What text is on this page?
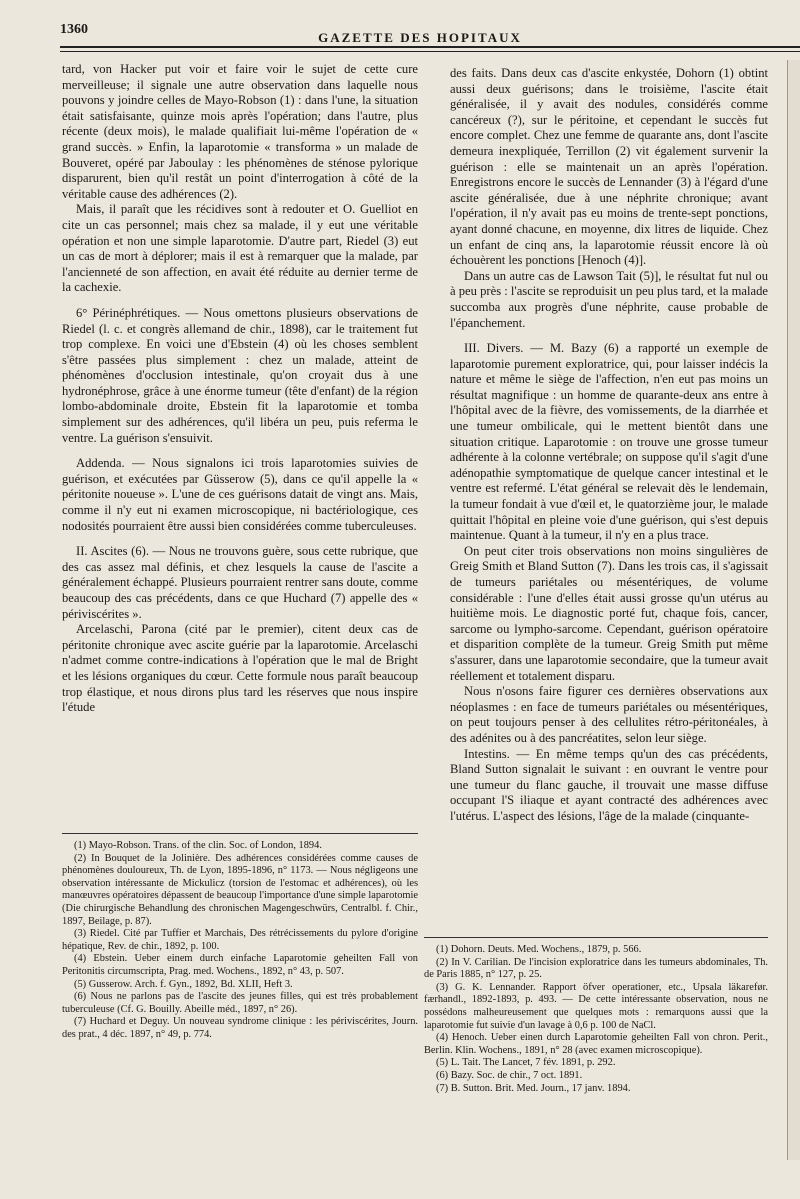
1360
GAZETTE DES HOPITAUX

tard, von Hacker put voir et faire voir le sujet de cette cure merveilleuse; il signale une autre observation dans laquelle nous pouvons y joindre celles de Mayo-Robson (1) : dans l'une, la situation était satisfaisante, quinze mois après l'opération; dans l'autre, plus récente (deux mois), le malade qualifiait lui-même l'opération de « grand succès. » Enfin, la laparotomie « transforma » un malade de Bouveret, opéré par Jaboulay : les phénomènes de sténose pylorique disparurent, bien qu'il restât un point d'interrogation à côté de la véritable cause des adhérences (2).

Mais, il paraît que les récidives sont à redouter et O. Guelliot en cite un cas personnel; mais chez sa malade, il y eut une véritable opération et non une simple laparotomie. D'autre part, Riedel (3) eut un cas de mort à déplorer; mais il est à remarquer que la malade, par l'ancienneté de son affection, en avait été réduite au dernier terme de la cachexie.

6° Périnéphrétiques. — Nous omettons plusieurs observations de Riedel (l. c. et congrès allemand de chir., 1898), car le traitement fut trop complexe. En voici une d'Ebstein (4) où les choses semblent s'être passées plus simplement : chez un malade, atteint de phénomènes d'occlusion intestinale, qu'on croyait dus à une hydronéphrose, grâce à une énorme tumeur (tête d'enfant) de la région lombo-abdominale droite, Ebstein fit la laparotomie et tomba simplement sur des adhérences, qu'il libéra un peu, puis referma le ventre. La guérison s'ensuivit.

Addenda. — Nous signalons ici trois laparotomies suivies de guérison, et exécutées par Güsserow (5), dans ce qu'il appelle la « péritonite noueuse ». L'une de ces guérisons datait de vingt ans. Mais, comme il n'y eut ni examen microscopique, ni bactériologique, ces nodosités pourraient être aussi bien considérées comme tuberculeuses.

II. Ascites (6). — Nous ne trouvons guère, sous cette rubrique, que des cas assez mal définis, et chez lesquels la cause de l'ascite a généralement échappé. Plusieurs pourraient rentrer sans doute, comme beaucoup des cas précédents, dans ce que Huchard (7) appelle des « périviscérites ».

Arcelaschi, Parona (cité par le premier), citent deux cas de péritonite chronique avec ascite guérie par la laparotomie. Arcelaschi n'admet comme contre-indications à l'opération que le mal de Bright et les lésions organiques du cœur. Cette formule nous paraît beaucoup trop élastique, et nous dirons plus tard les réserves que nous inspire l'étude

(1) Mayo-Robson. Trans. of the clin. Soc. of London, 1894.

(2) In Bouquet de la Jolinière. Des adhérences considérées comme causes de phénomènes douloureux, Th. de Lyon, 1895-1896, n° 1173. — Nous négligeons une observation intéressante de Mickulicz (torsion de l'estomac et adhérences), où les manœuvres opératoires dépassent de beaucoup l'importance d'une simple laparotomie (Die chirurgische Behandlung des chronischen Magengeschwürs, Centralbl. f. Chir., 1897, Beilage, p. 87).

(3) Riedel. Cité par Tuffier et Marchais, Des rétrécissements du pylore d'origine hépatique, Rev. de chir., 1892, p. 100.

(4) Ebstein. Ueber einem durch einfache Laparotomie geheilten Fall von Peritonitis circumscripta, Prag. med. Wochens., 1892, n° 43, p. 507.

(5) Gusserow. Arch. f. Gyn., 1892, Bd. XLII, Heft 3.

(6) Nous ne parlons pas de l'ascite des jeunes filles, qui est très probablement tuberculeuse (Cf. G. Bouilly. Abeille méd., 1897, n° 26).

(7) Huchard et Deguy. Un nouveau syndrome clinique : les périviscérites, Journ. des prat., 4 déc. 1897, n° 49, p. 774.

des faits. Dans deux cas d'ascite enkystée, Dohorn (1) obtint aussi deux guérisons; dans le troisième, l'ascite était généralisée, il y avait des nodules, considérés comme cancéreux (?), sur le péritoine, et cependant le succès fut encore complet. Chez une femme de quarante ans, dont l'ascite demeura inexpliquée, Terrillon (2) vit également survenir la guérison : elle se maintenait un an après l'opération. Enregistrons encore le succès de Lennander (3) à l'égard d'une ascite généralisée, due à une néphrite chronique; avant l'opération, il n'y avait pas eu moins de trente-sept ponctions, ayant donné chacune, en moyenne, dix litres de liquide. Chez un enfant de cinq ans, la laparotomie réussit encore là où échouèrent les ponctions [Henoch (4)].

Dans un autre cas de Lawson Tait (5)], le résultat fut nul ou à peu près : l'ascite se reproduisit un peu plus tard, et la malade succomba aux progrès d'une néphrite, cause probable de l'épanchement.

III. Divers. — M. Bazy (6) a rapporté un exemple de laparotomie purement exploratrice, qui, pour laisser indécis la nature et même le siège de l'affection, n'en eut pas moins un résultat magnifique : un homme de quarante-deux ans entre à l'hôpital avec de la fièvre, des vomissements, de la diarrhée et une tumeur ombilicale, qui le mettent bientôt dans une situation critique. Laparotomie : on trouve une grosse tumeur adhérente à la colonne vertébrale; on suppose qu'il s'agit d'une adénopathie symptomatique de quelque cancer intestinal et le ventre est refermé. L'état général se relevait dès le lendemain, la tumeur fondait à vue d'œil et, le quatorzième jour, le malade quittait l'hôpital en pleine voie d'une guérison, qui s'est depuis maintenue. Quant à la tumeur, il n'y en a plus trace.

On peut citer trois observations non moins singulières de Greig Smith et Bland Sutton (7). Dans les trois cas, il s'agissait de tumeurs pariétales ou mésentériques, de volume considérable : l'une d'elles était aussi grosse qu'un utérus au huitième mois. Le diagnostic porté fut, chaque fois, cancer, sarcome ou lympho-sarcome. Cependant, guérison opératoire et disparition complète de la tumeur. Greig Smith put même s'assurer, dans une laparotomie secondaire, que la tumeur avait réellement et totalement disparu.

Nous n'osons faire figurer ces dernières observations aux néoplasmes : en face de tumeurs pariétales ou mésentériques, on peut toujours penser à des cellulites rétro-péritonéales, à des adénites ou à des pancréatites, selon leur siège.

Intestins. — En même temps qu'un des cas précédents, Bland Sutton signalait le suivant : en ouvrant le ventre pour une tumeur du flanc gauche, il trouvait une masse diffuse occupant l'S iliaque et ayant contracté des adhérences avec l'utérus. L'aspect des lésions, l'âge de la malade (cinquante-

(1) Dohorn. Deuts. Med. Wochens., 1879, p. 566.

(2) In V. Carilian. De l'incision exploratrice dans les tumeurs abdominales, Th. de Paris 1885, n° 127, p. 25.

(3) G. K. Lennander. Rapport öfver operationer, etc., Upsala läkarefør. færhandl., 1892-1893, p. 493. — De cette intéressante observation, nous ne possédons malheureusement que quelques mots : remarquons aussi que la laparotomie fut suivie d'un lavage à 0,6 p. 100 de NaCl.

(4) Henoch. Ueber einen durch Laparotomie geheilten Fall von chron. Perit., Berlin. Klin. Wochens., 1891, n° 28 (avec examen microscopique).

(5) L. Tait. The Lancet, 7 fév. 1891, p. 292.

(6) Bazy. Soc. de chir., 7 oct. 1891.

(7) B. Sutton. Brit. Med. Journ., 17 janv. 1894.
